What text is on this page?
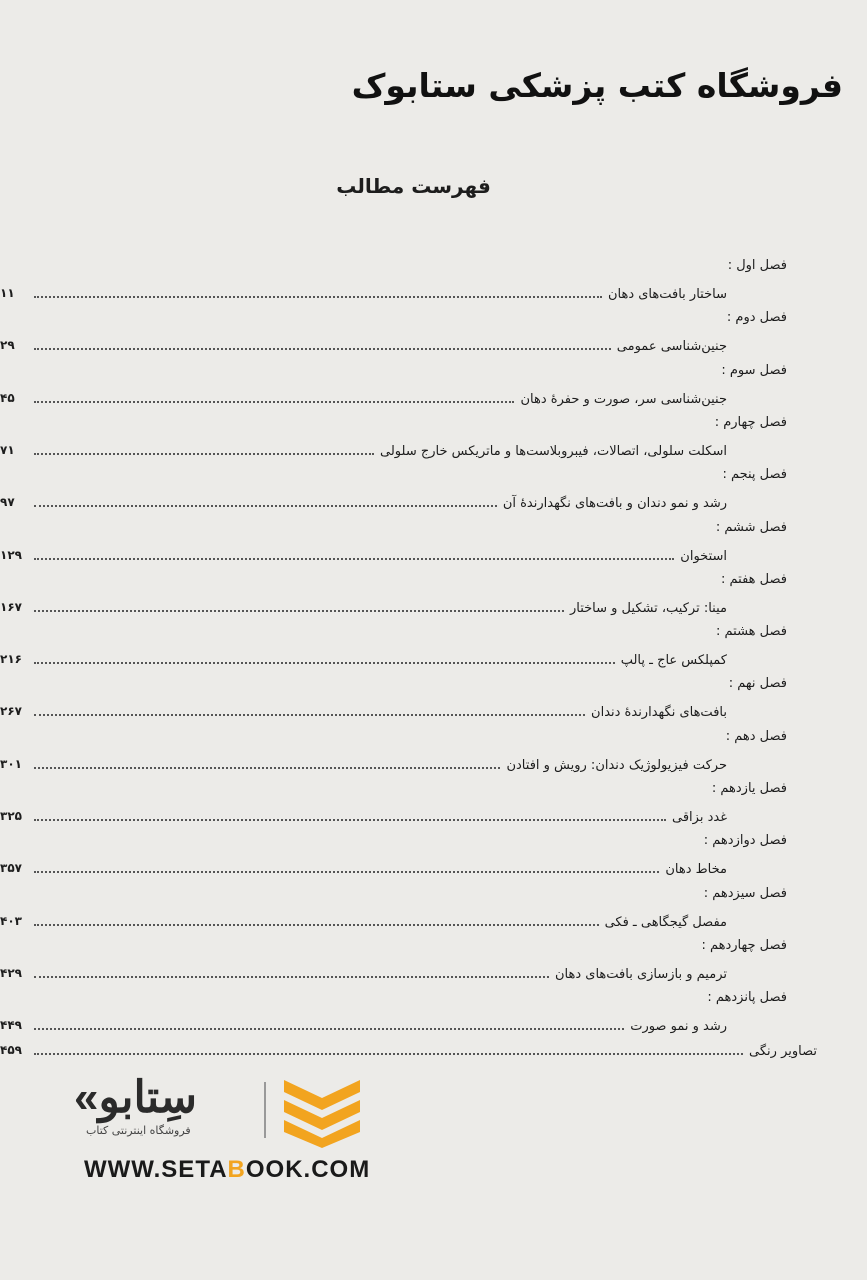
فروشگاه کتب پزشکی ستابوک
فهرست مطالب
فصل اول :
ساختار بافت‌های دهان
۱۱
فصل دوم :
جنین‌شناسی عمومی
۲۹
فصل سوم :
جنین‌شناسی سر، صورت و حفرهٔ دهان
۴۵
فصل چهارم :
اسکلت سلولی، اتصالات، فیبروبلاست‌ها و ماتریکس خارج سلولی
۷۱
فصل پنجم :
رشد و نمو دندان و بافت‌های نگهدارندهٔ آن
۹۷
فصل ششم :
استخوان
۱۲۹
فصل هفتم :
مینا: ترکیب، تشکیل و ساختار
۱۶۷
فصل هشتم :
کمپلکس عاج ـ پالپ
۲۱۶
فصل نهم :
بافت‌های نگهدارندهٔ دندان
۲۶۷
فصل دهم :
حرکت فیزیولوژیک دندان: رویش و افتادن
۳۰۱
فصل یازدهم :
غدد بزاقی
۳۲۵
فصل دوازدهم :
مخاط دهان
۳۵۷
فصل سیزدهم :
مفصل گیجگاهی ـ فکی
۴۰۳
فصل چهاردهم :
ترمیم و بازسازی بافت‌های دهان
۴۲۹
فصل پانزدهم :
رشد و نمو صورت
۴۴۹
تصاویر رنگی
۴۵۹
«سِتابو
فروشگاه اینترنتی کتاب
WWW.SETABOOK.COM
